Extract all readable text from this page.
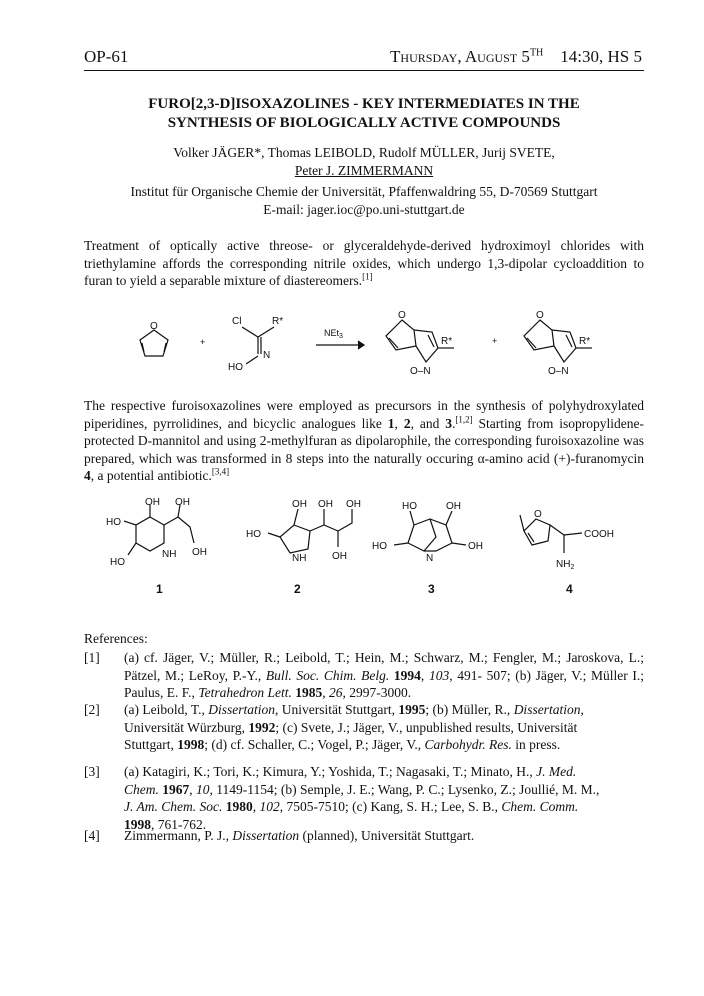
OP-61	Thursday, August 5TH 14:30, HS 5
FURO[2,3-D]ISOXAZOLINES - KEY INTERMEDIATES IN THE
SYNTHESIS OF BIOLOGICALLY ACTIVE COMPOUNDS
Volker JÄGER*, Thomas LEIBOLD, Rudolf MÜLLER, Jurij SVETE,
Peter J. ZIMMERMANN
Institut für Organische Chemie der Universität, Pfaffenwaldring 55, D-70569 Stuttgart
E-mail: jager.ioc@po.uni-stuttgart.de
Treatment of optically active threose- or glyceraldehyde-derived hydroximoyl chlorides with triethylamine affords the corresponding nitrile oxides, which undergo 1,3-dipolar cycloaddition to furan to yield a separable mixture of diastereomers.[1]
O
+
Cl	R*
N
HO
NEt$_3$
O
R*
O–N
+
O
R*
O–N
The respective furoisoxazolines were employed as precursors in the synthesis of polyhydroxylated piperidines, pyrrolidines, and bicyclic analogues like 1, 2, and 3.[1,2] Starting from isopropylidene-protected D-mannitol and using 2-methylfuran as dipolarophile, the corresponding furoisoxazoline was prepared, which was transformed in 8 steps into the naturally occuring α-amino acid (+)-furanomycin 4, a potential antibiotic.[3,4]
OH OH
OH
HO
HO
NH
1
OH OH OH
OH
HO
NH
2
HO	OH
HO	OH
N
3
O
COOH
$NH_2$
4
References:
[1] (a) cf. Jäger, V.; Müller, R.; Leibold, T.; Hein, M.; Schwarz, M.; Fengler, M.; Jaroskova, L.; Pätzel, M.; LeRoy, P.-Y., Bull. Soc. Chim. Belg. 1994, 103, 491- 507; (b) Jäger, V.; Müller I.; Paulus, E. F., Tetrahedron Lett. 1985, 26, 2997-3000.
[2] (a) Leibold, T., Dissertation, Universität Stuttgart, 1995; (b) Müller, R., Dissertation, Universität Würzburg, 1992; (c) Svete, J.; Jäger, V., unpublished results, Universität Stuttgart, 1998; (d) cf. Schaller, C.; Vogel, P.; Jäger, V., Carbohydr. Res. in press.
[3] (a) Katagiri, K.; Tori, K.; Kimura, Y.; Yoshida, T.; Nagasaki, T.; Minato, H., J. Med. Chem. 1967, 10, 1149-1154; (b) Semple, J. E.; Wang, P. C.; Lysenko, Z.; Joullié, M. M., J. Am. Chem. Soc. 1980, 102, 7505-7510; (c) Kang, S. H.; Lee, S. B., Chem. Comm. 1998, 761-762.
[4] Zimmermann, P. J., Dissertation (planned), Universität Stuttgart.
